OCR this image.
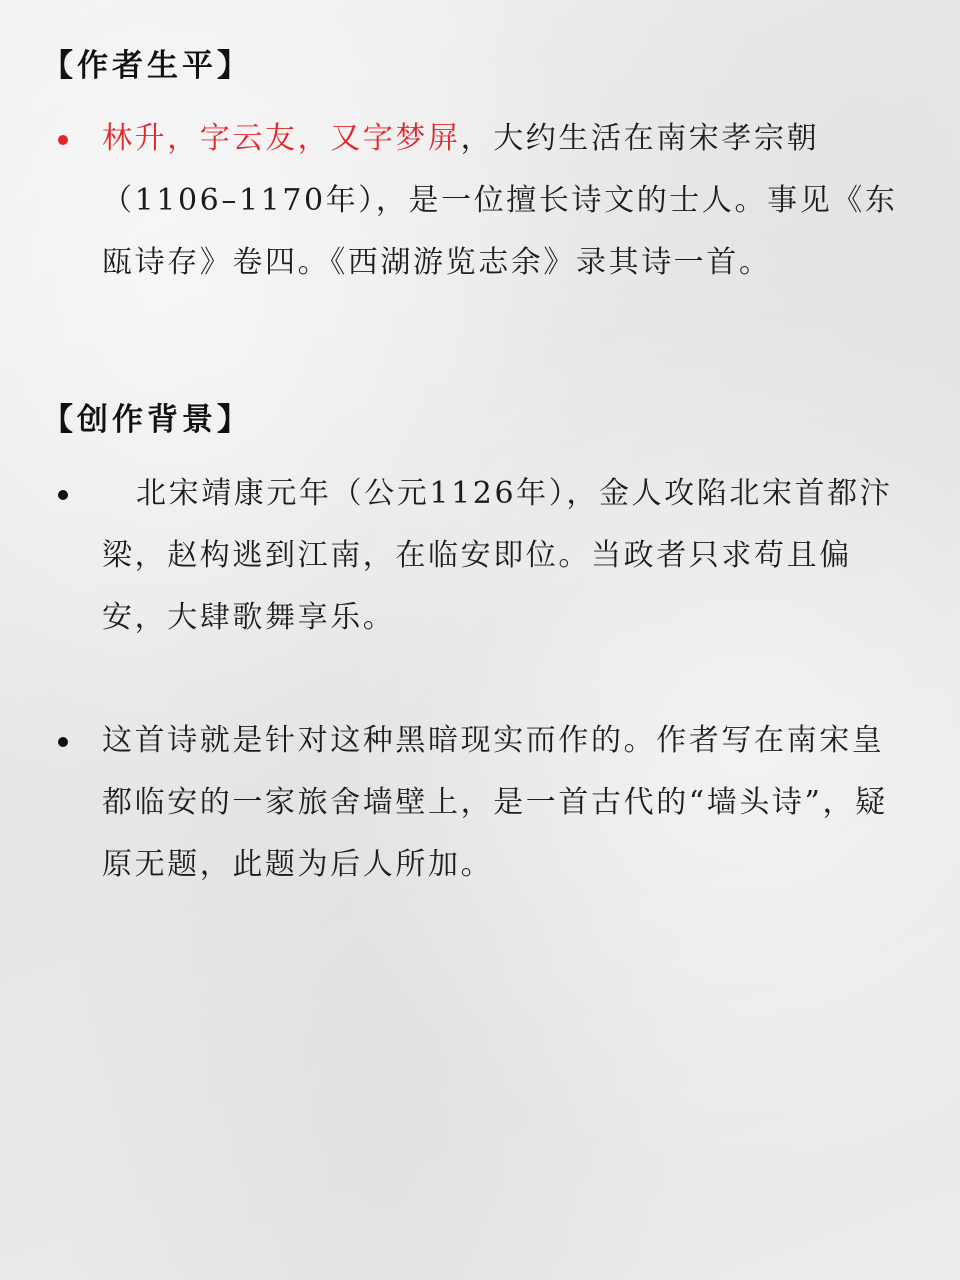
【作者生平】

林升，字云友，又字梦屏，大约生活在南宋孝宗朝（1106–1170年），是一位擅长诗文的士人。事见《东瓯诗存》卷四。《西湖游览志余》录其诗一首。

【创作背景】

北宋靖康元年（公元1126年），金人攻陷北宋首都汴梁，赵构逃到江南，在临安即位。当政者只求苟且偏安，大肆歌舞享乐。

这首诗就是针对这种黑暗现实而作的。作者写在南宋皇都临安的一家旅舍墙壁上，是一首古代的“墙头诗”，疑原无题，此题为后人所加。
